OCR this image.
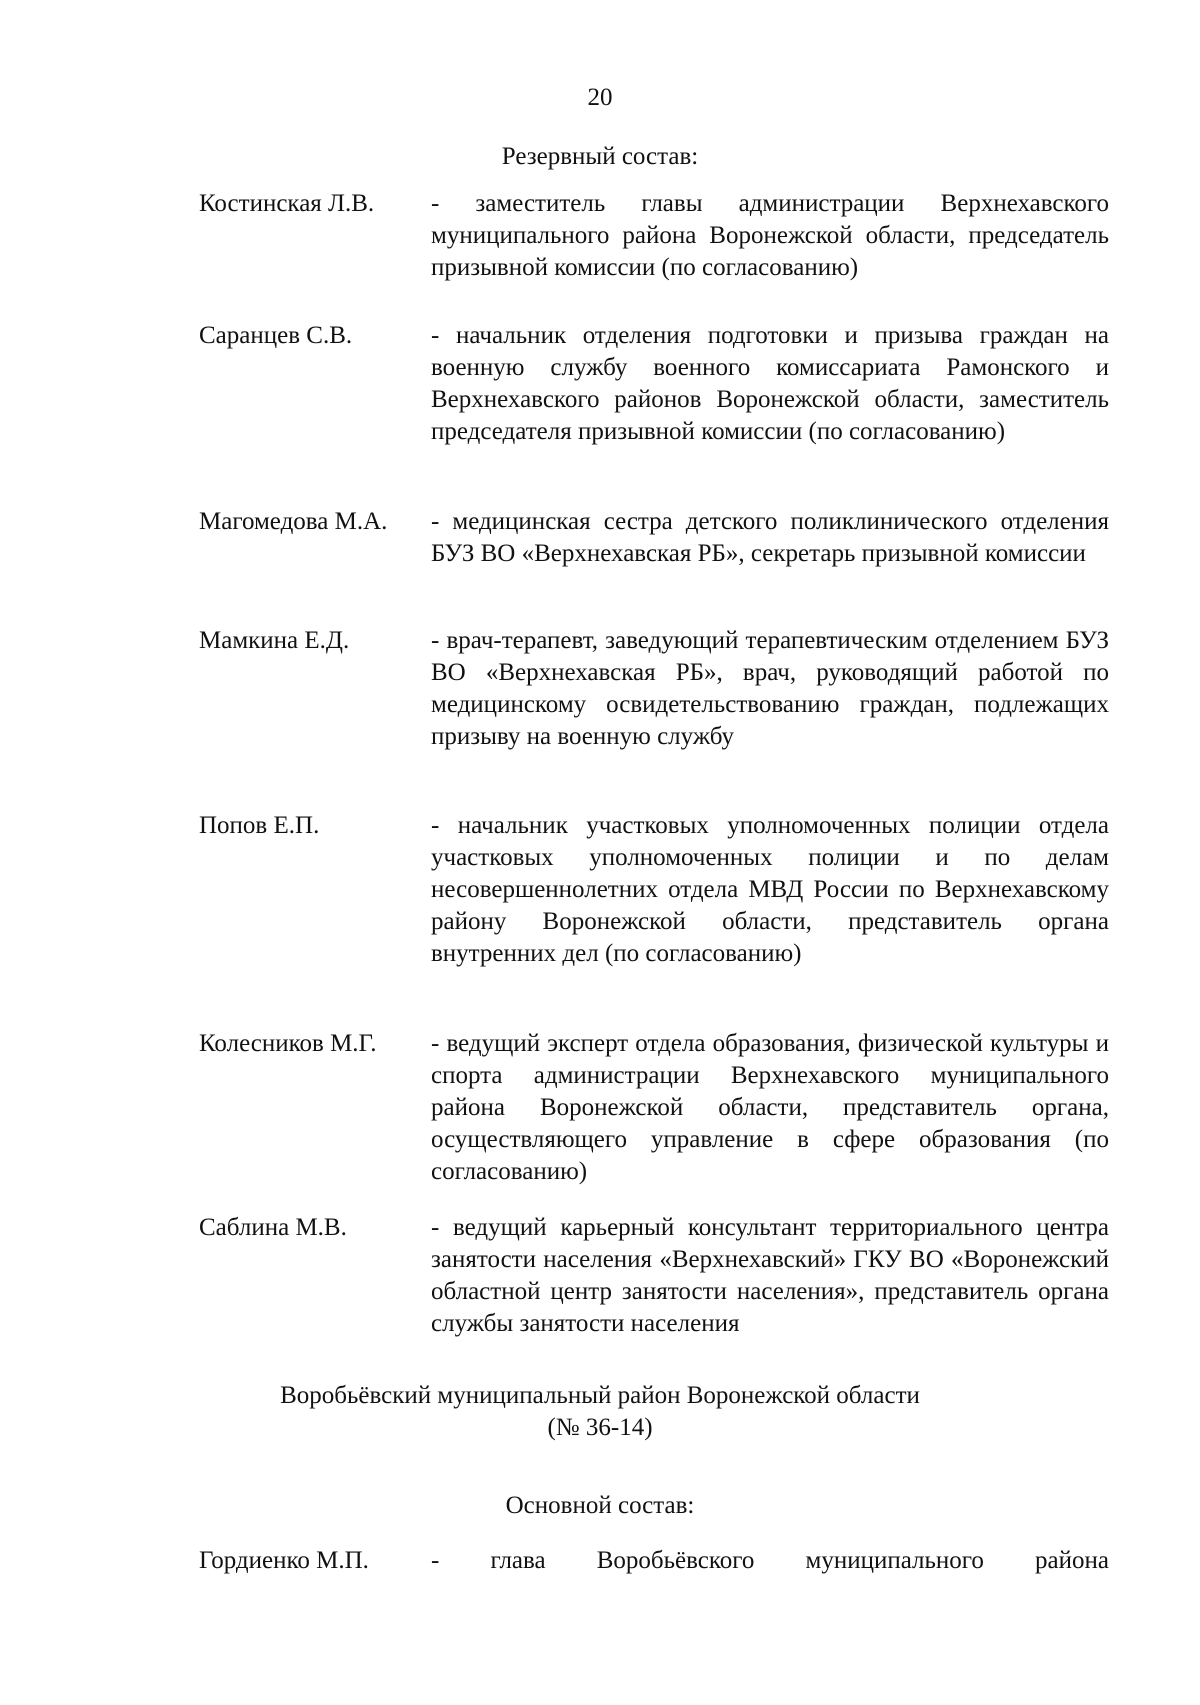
20
Резервный состав:
Костинская Л.В.	- заместитель главы администрации Верхнехавского муниципального района Воронежской области, председатель призывной комиссии (по согласованию)
Саранцев С.В.	- начальник отделения подготовки и призыва граждан на военную службу военного комиссариата Рамонского и Верхнехавского районов Воронежской области, заместитель председателя призывной комиссии (по согласованию)
Магомедова М.А.	- медицинская сестра детского поликлинического отделения БУЗ ВО «Верхнехавская РБ», секретарь призывной комиссии
Мамкина Е.Д.	- врач-терапевт, заведующий терапевтическим отделением БУЗ ВО «Верхнехавская РБ», врач, руководящий работой по медицинскому освидетельствованию граждан, подлежащих призыву на военную службу
Попов Е.П.	- начальник участковых уполномоченных полиции отдела участковых уполномоченных полиции и по делам несовершеннолетних отдела МВД России по Верхнехавскому району Воронежской области, представитель органа внутренних дел (по согласованию)
Колесников М.Г.	- ведущий эксперт отдела образования, физической культуры и спорта администрации Верхнехавского муниципального района Воронежской области, представитель органа, осуществляющего управление в сфере образования (по согласованию)
Саблина М.В.	- ведущий карьерный консультант территориального центра занятости населения «Верхнехавский» ГКУ ВО «Воронежский областной центр занятости населения», представитель органа службы занятости населения
Воробьёвский муниципальный район Воронежской области
(№ 36-14)
Основной состав:
Гордиенко М.П.	- глава Воробьёвского муниципального района
